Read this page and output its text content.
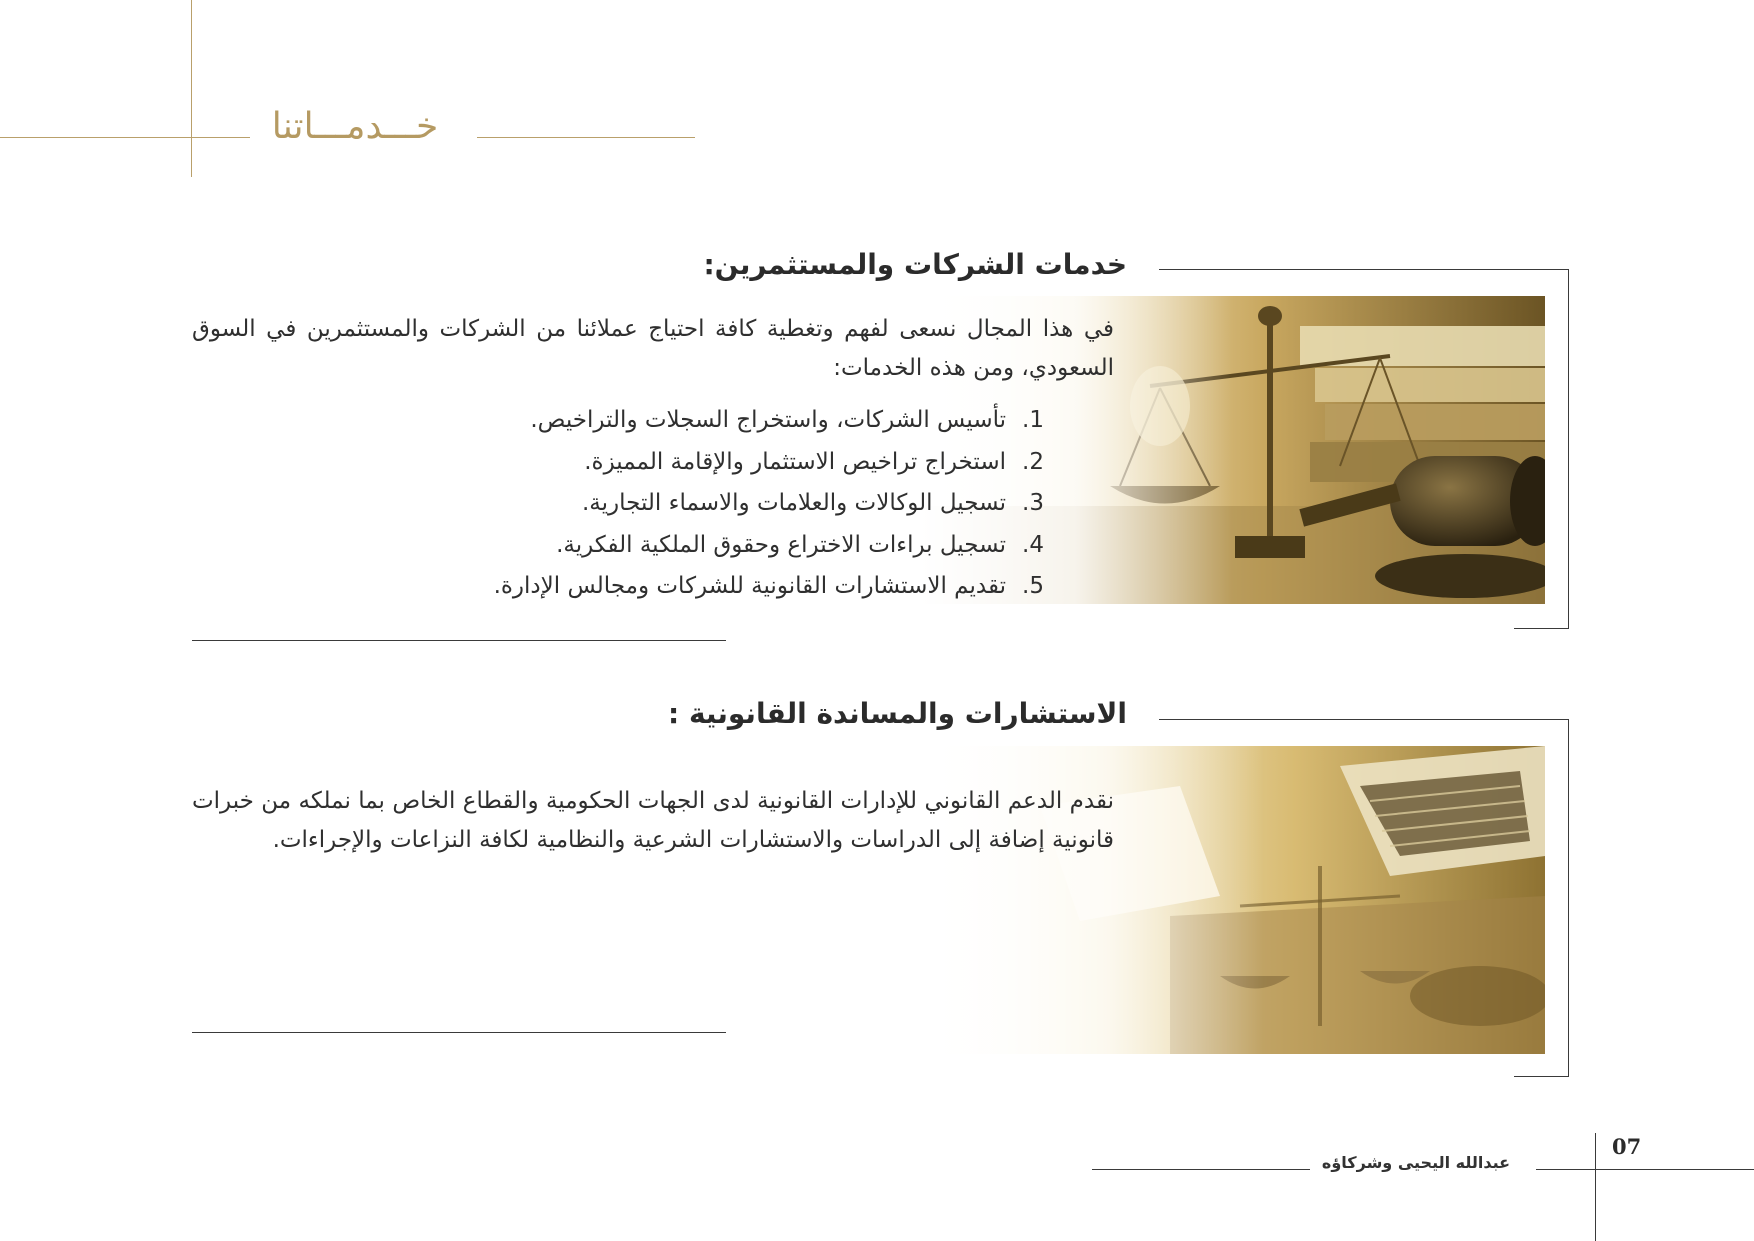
خـــدمـــاتنا
خدمات الشركات والمستثمرين:
في هذا المجال نسعى لفهم وتغطية كافة احتياج عملائنا من الشركات والمستثمرين في السوق السعودي، ومن هذه الخدمات:
1.تأسيس الشركات، واستخراج السجلات والتراخيص.
2.استخراج تراخيص الاستثمار والإقامة المميزة.
3.تسجيل الوكالات والعلامات والاسماء التجارية.
4.تسجيل براءات الاختراع وحقوق الملكية الفكرية.
5.تقديم الاستشارات القانونية للشركات ومجالس الإدارة.
الاستشارات والمساندة القانونية :
نقدم الدعم القانوني للإدارات القانونية لدى الجهات الحكومية والقطاع الخاص بما نملكه من خبرات قانونية إضافة إلى الدراسات والاستشارات الشرعية والنظامية لكافة النزاعات والإجراءات.
عبدالله اليحيى وشركاؤه
07
